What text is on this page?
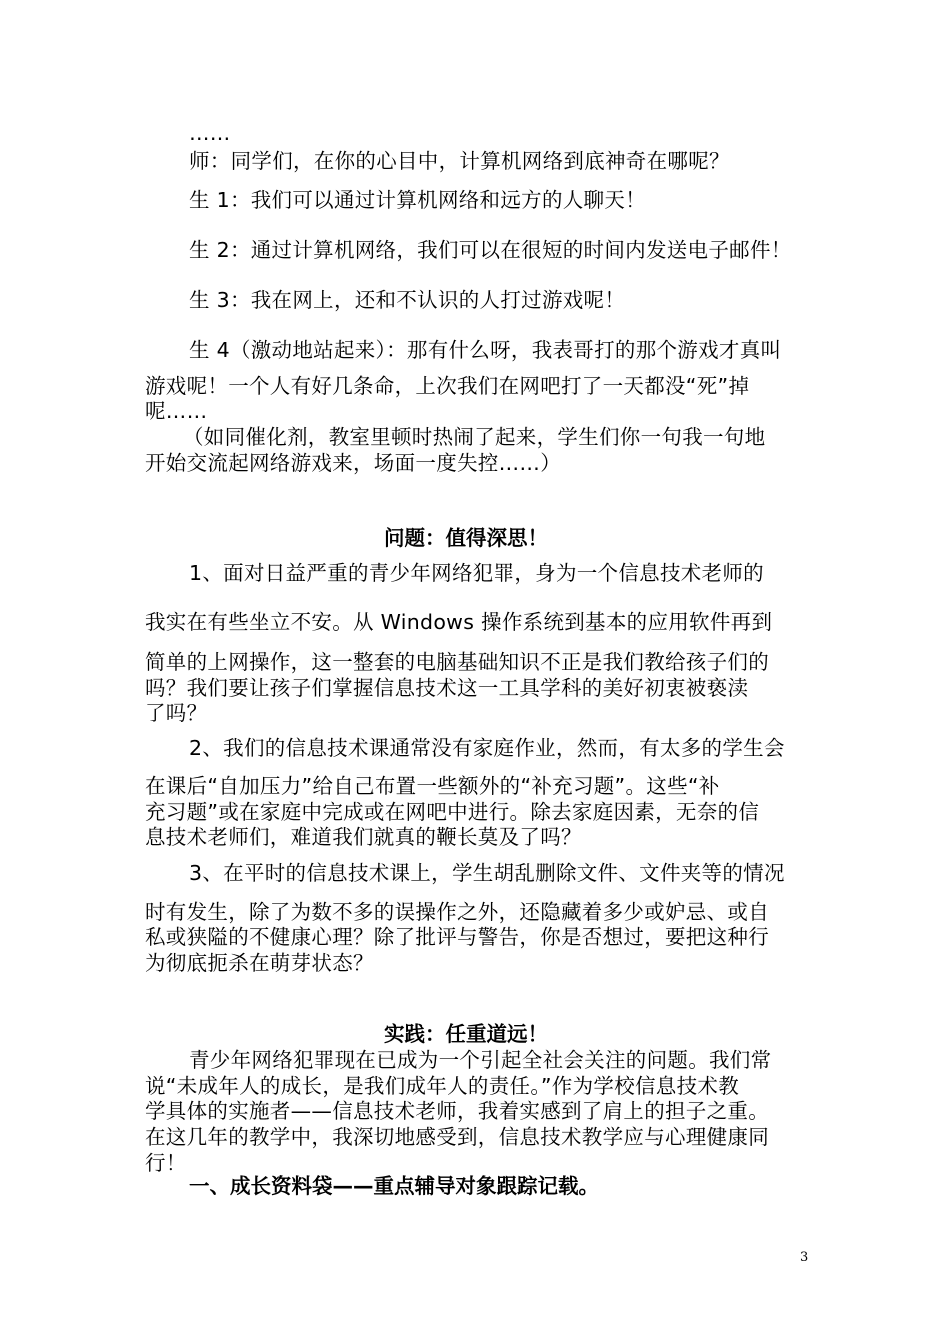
……
师：同学们，在你的心目中，计算机网络到底神奇在哪呢？
生 1：我们可以通过计算机网络和远方的人聊天！
生 2：通过计算机网络，我们可以在很短的时间内发送电子邮件！
生 3：我在网上，还和不认识的人打过游戏呢！
生 4（激动地站起来）：那有什么呀，我表哥打的那个游戏才真叫
游戏呢！一个人有好几条命，上次我们在网吧打了一天都没“死”掉
呢……
（如同催化剂，教室里顿时热闹了起来，学生们你一句我一句地
开始交流起网络游戏来，场面一度失控……）
问题：值得深思！
1、面对日益严重的青少年网络犯罪，身为一个信息技术老师的
我实在有些坐立不安。从 Windows 操作系统到基本的应用软件再到
简单的上网操作，这一整套的电脑基础知识不正是我们教给孩子们的
吗？我们要让孩子们掌握信息技术这一工具学科的美好初衷被亵渎
了吗？
2、我们的信息技术课通常没有家庭作业，然而，有太多的学生会
在课后“自加压力”给自己布置一些额外的“补充习题”。这些“补
充习题”或在家庭中完成或在网吧中进行。除去家庭因素，无奈的信
息技术老师们，难道我们就真的鞭长莫及了吗？
3、在平时的信息技术课上，学生胡乱删除文件、文件夹等的情况
时有发生，除了为数不多的误操作之外，还隐藏着多少或妒忌、或自
私或狭隘的不健康心理？除了批评与警告，你是否想过，要把这种行
为彻底扼杀在萌芽状态？
实践：任重道远！
青少年网络犯罪现在已成为一个引起全社会关注的问题。我们常
说“未成年人的成长，是我们成年人的责任。”作为学校信息技术教
学具体的实施者——信息技术老师，我着实感到了肩上的担子之重。
在这几年的教学中，我深切地感受到，信息技术教学应与心理健康同
行！
一、成长资料袋——重点辅导对象跟踪记载。
3
